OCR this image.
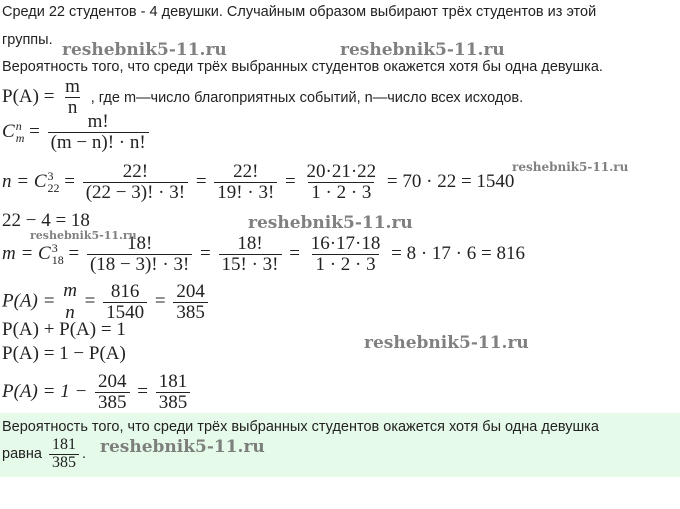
Среди 22 студентов - 4 девушки. Случайным образом выбирают трёх студентов из этой
группы.
Вероятность того, что среди трёх выбранных студентов окажется хотя бы одна девушка.
$P(A) = \frac{m}{n}$ , где m—число благоприятных событий, n—число всех исходов.
C n
$m = \frac{m!}{(m - n)! \cdot n!}$
n = C 3
$22 = \frac{22!}{(22 - 3)! \cdot 3!} = \frac{22!}{19! \cdot 3!} = \frac{20\cdot 21\cdot 22}{1 \cdot 2 \cdot 3} = 70 \cdot 22 = 1540$
22 − 4 = 18
m = C 3
$18 = \frac{18!}{(18 - 3)! \cdot 3!} = \frac{18!}{15! \cdot 3!} = \frac{16\cdot 17\cdot 18}{1 \cdot 2 \cdot 3} = 8 \cdot 17 \cdot 6 = 816$
P(A) = m
n
= $\frac{816}{1540} = \frac{204}{385}$
P(A) + P(A) = 1
P(A) = 1 − P(A)
$P(A) = 1 - \frac{204}{385} = \frac{181}{385}$
Вероятность того, что среди трёх выбранных студентов окажется хотя бы одна девушка
равна $\frac{181}{385}$ .
reshebnik5-11.ru	reshebnik5-11.ru
reshebnik5-11.ru
reshebnik5-11.ru
reshebnik5-11.ru
reshebnik5-11.ru
reshebnik5-11.ru
